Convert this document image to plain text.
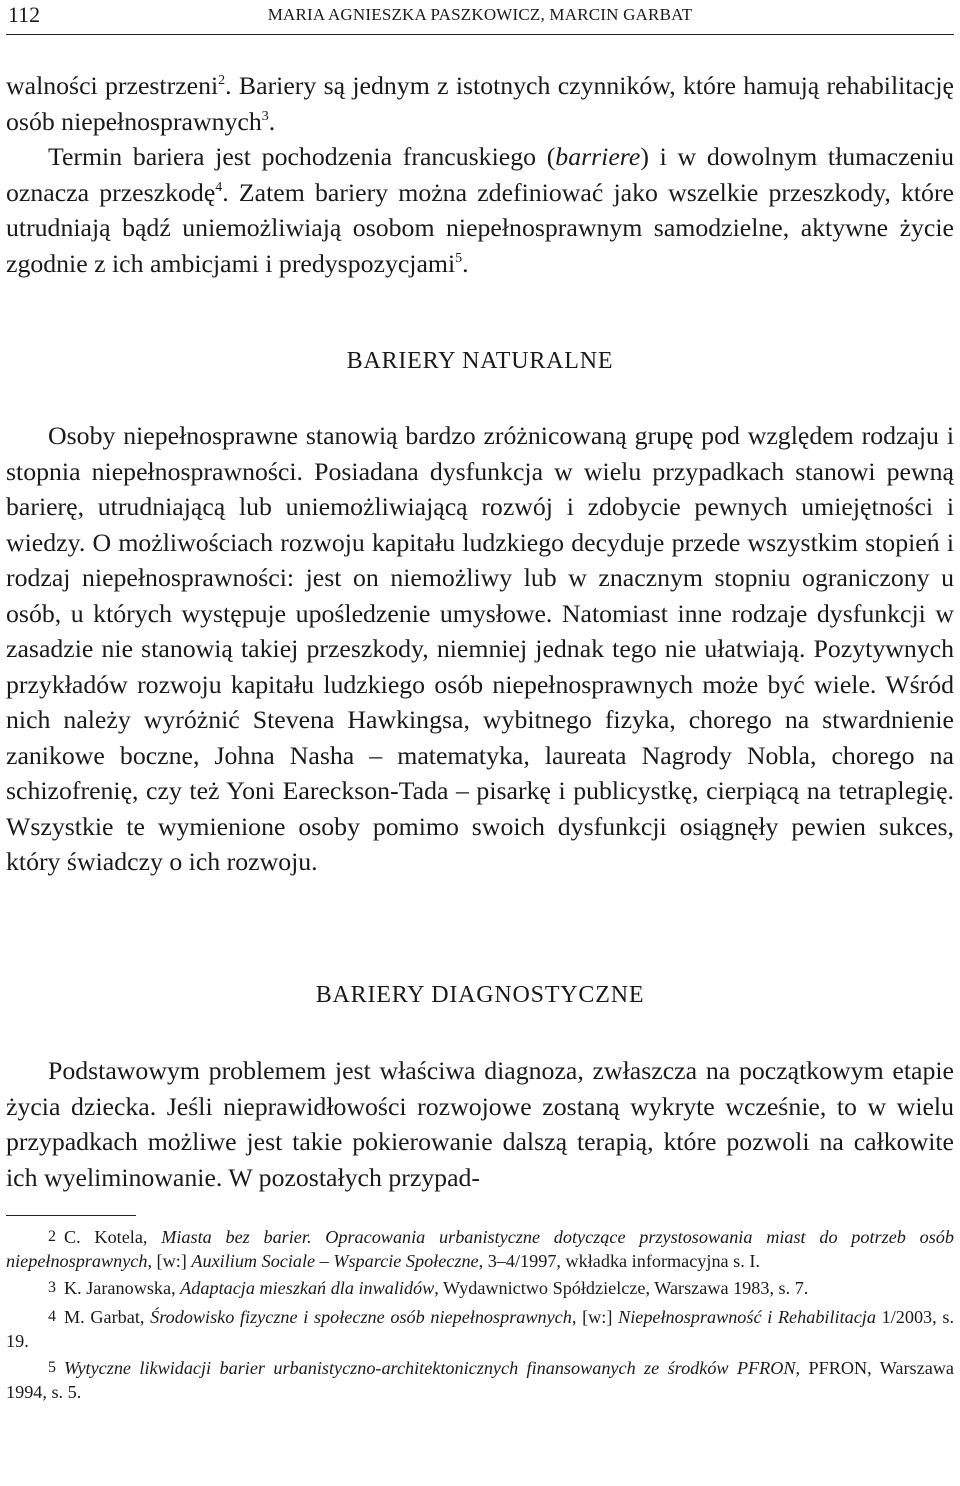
112	MARIA AGNIESZKA PASZKOWICZ, MARCIN GARBAT

walności przestrzeni$^2$. Bariery są jednym z istotnych czynników, które hamują rehabilitację osób niepełnosprawnych$^3$.

Termin bariera jest pochodzenia francuskiego (barriere) i w dowolnym tłumaczeniu oznacza przeszkodę$^4$. Zatem bariery można zdefiniować jako wszelkie przeszkody, które utrudniają bądź uniemożliwiają osobom niepełnosprawnym samodzielne, aktywne życie zgodnie z ich ambicjami i predyspozycjami$^5$.

BARIERY NATURALNE

Osoby niepełnosprawne stanowią bardzo zróżnicowaną grupę pod względem rodzaju i stopnia niepełnosprawności. Posiadana dysfunkcja w wielu przypadkach stanowi pewną barierę, utrudniającą lub uniemożliwiającą rozwój i zdobycie pewnych umiejętności i wiedzy. O możliwościach rozwoju kapitału ludzkiego decyduje przede wszystkim stopień i rodzaj niepełnosprawności: jest on niemożliwy lub w znacznym stopniu ograniczony u osób, u których występuje upośledzenie umysłowe. Natomiast inne rodzaje dysfunkcji w zasadzie nie stanowią takiej przeszkody, niemniej jednak tego nie ułatwiają. Pozytywnych przykładów rozwoju kapitału ludzkiego osób niepełnosprawnych może być wiele. Wśród nich należy wyróżnić Stevena Hawkingsa, wybitnego fizyka, chorego na stwardnienie zanikowe boczne, Johna Nasha – matematyka, laureata Nagrody Nobla, chorego na schizofrenię, czy też Yoni Eareckson-Tada – pisarkę i publicystkę, cierpiącą na tetraplegię. Wszystkie te wymienione osoby pomimo swoich dysfunkcji osiągnęły pewien sukces, który świadczy o ich rozwoju.

BARIERY DIAGNOSTYCZNE

Podstawowym problemem jest właściwa diagnoza, zwłaszcza na początkowym etapie życia dziecka. Jeśli nieprawidłowości rozwojowe zostaną wykryte wcześnie, to w wielu przypadkach możliwe jest takie pokierowanie dalszą terapią, które pozwoli na całkowite ich wyeliminowanie. W pozostałych przypad-

2 C. Kotela, Miasta bez barier. Opracowania urbanistyczne dotyczące przystosowania miast do potrzeb osób niepełnosprawnych, [w:] Auxilium Sociale – Wsparcie Społeczne, 3–4/1997, wkładka informacyjna s. I.

3 K. Jaranowska, Adaptacja mieszkań dla inwalidów, Wydawnictwo Spółdzielcze, Warszawa 1983, s. 7.

4 M. Garbat, Środowisko fizyczne i społeczne osób niepełnosprawnych, [w:] Niepełnosprawność i Rehabilitacja 1/2003, s. 19.

5 Wytyczne likwidacji barier urbanistyczno-architektonicznych finansowanych ze środków PFRON, PFRON, Warszawa 1994, s. 5.
